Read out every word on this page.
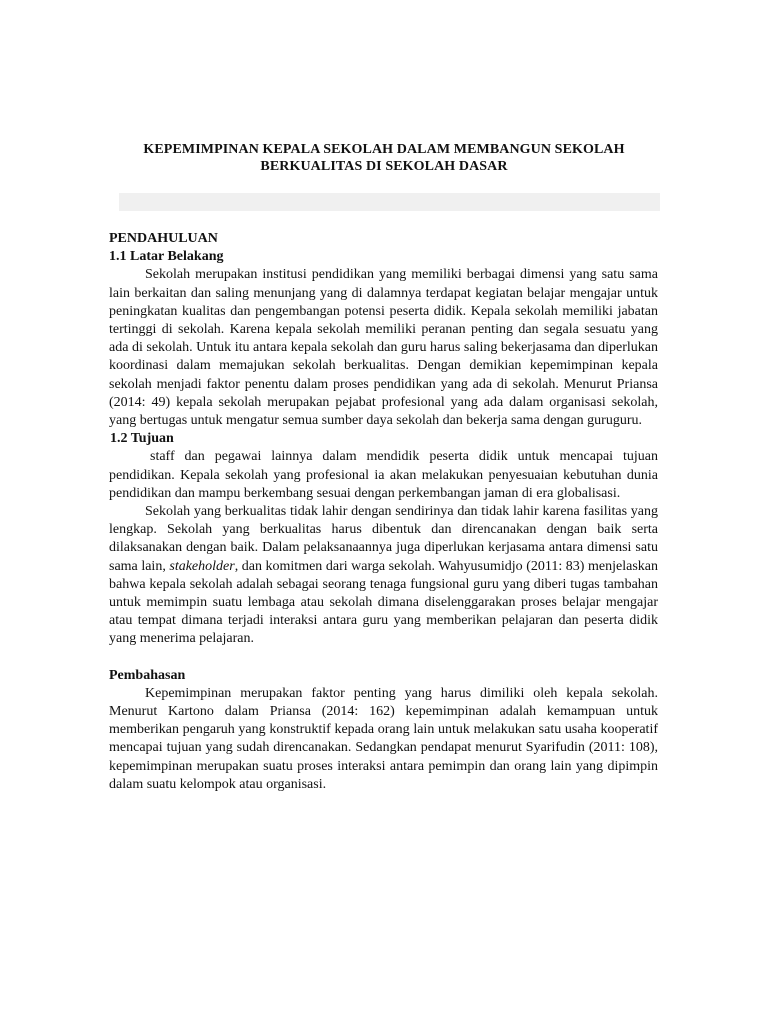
KEPEMIMPINAN KEPALA SEKOLAH DALAM MEMBANGUN SEKOLAH
BERKUALITAS DI SEKOLAH DASAR
PENDAHULUAN
1.1 Latar Belakang

Sekolah merupakan institusi pendidikan yang memiliki berbagai dimensi yang satu sama lain berkaitan dan saling menunjang yang di dalamnya terdapat kegiatan belajar mengajar untuk peningkatan kualitas dan pengembangan potensi peserta didik. Kepala sekolah memiliki jabatan tertinggi di sekolah. Karena kepala sekolah memiliki peranan penting dan segala sesuatu yang ada di sekolah. Untuk itu antara kepala sekolah dan guru harus saling bekerjasama dan diperlukan koordinasi dalam memajukan sekolah berkualitas. Dengan demikian kepemimpinan kepala sekolah menjadi faktor penentu dalam proses pendidikan yang ada di sekolah. Menurut Priansa (2014: 49) kepala sekolah merupakan pejabat profesional yang ada dalam organisasi sekolah, yang bertugas untuk mengatur semua sumber daya sekolah dan bekerja sama dengan guruguru.

1.2 Tujuan

staff dan pegawai lainnya dalam mendidik peserta didik untuk mencapai tujuan pendidikan. Kepala sekolah yang profesional ia akan melakukan penyesuaian kebutuhan dunia pendidikan dan mampu berkembang sesuai dengan perkembangan jaman di era globalisasi.

Sekolah yang berkualitas tidak lahir dengan sendirinya dan tidak lahir karena fasilitas yang lengkap. Sekolah yang berkualitas harus dibentuk dan direncanakan dengan baik serta dilaksanakan dengan baik. Dalam pelaksanaannya juga diperlukan kerjasama antara dimensi satu sama lain, stakeholder, dan komitmen dari warga sekolah. Wahyusumidjo (2011: 83) menjelaskan bahwa kepala sekolah adalah sebagai seorang tenaga fungsional guru yang diberi tugas tambahan untuk memimpin suatu lembaga atau sekolah dimana diselenggarakan proses belajar mengajar atau tempat dimana terjadi interaksi antara guru yang memberikan pelajaran dan peserta didik yang menerima pelajaran.

Pembahasan

Kepemimpinan merupakan faktor penting yang harus dimiliki oleh kepala sekolah. Menurut Kartono dalam Priansa (2014: 162) kepemimpinan adalah kemampuan untuk memberikan pengaruh yang konstruktif kepada orang lain untuk melakukan satu usaha kooperatif mencapai tujuan yang sudah direncanakan. Sedangkan pendapat menurut Syarifudin (2011: 108), kepemimpinan merupakan suatu proses interaksi antara pemimpin dan orang lain yang dipimpin dalam suatu kelompok atau organisasi.
